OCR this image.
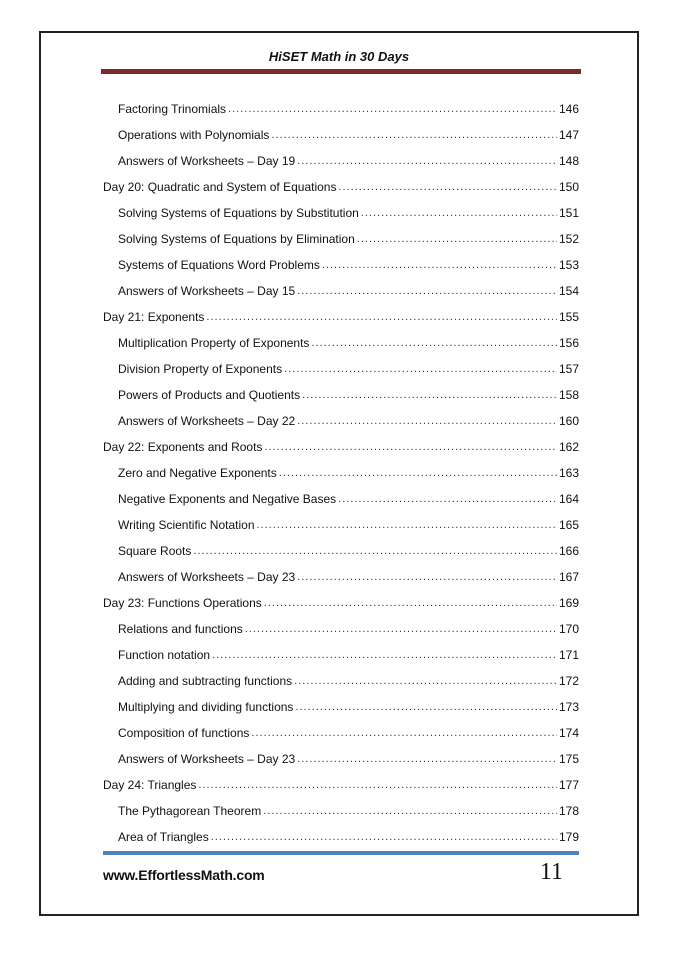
HiSET Math in 30 Days
Factoring Trinomials .....	146
Operations with Polynomials .....	147
Answers of Worksheets – Day 19 .....	148
Day 20: Quadratic and System of Equations .....	150
Solving Systems of Equations by Substitution .....	151
Solving Systems of Equations by Elimination .....	152
Systems of Equations Word Problems .....	153
Answers of Worksheets – Day 15 .....	154
Day 21: Exponents .....	155
Multiplication Property of Exponents .....	156
Division Property of Exponents .....	157
Powers of Products and Quotients .....	158
Answers of Worksheets – Day 22 .....	160
Day 22: Exponents and Roots .....	162
Zero and Negative Exponents .....	163
Negative Exponents and Negative Bases .....	164
Writing Scientific Notation .....	165
Square Roots .....	166
Answers of Worksheets – Day 23 .....	167
Day 23: Functions Operations .....	169
Relations and functions .....	170
Function notation .....	171
Adding and subtracting functions .....	172
Multiplying and dividing functions .....	173
Composition of functions .....	174
Answers of Worksheets – Day 23 .....	175
Day 24: Triangles .....	177
The Pythagorean Theorem .....	178
Area of Triangles .....	179
www.EffortlessMath.com	11
